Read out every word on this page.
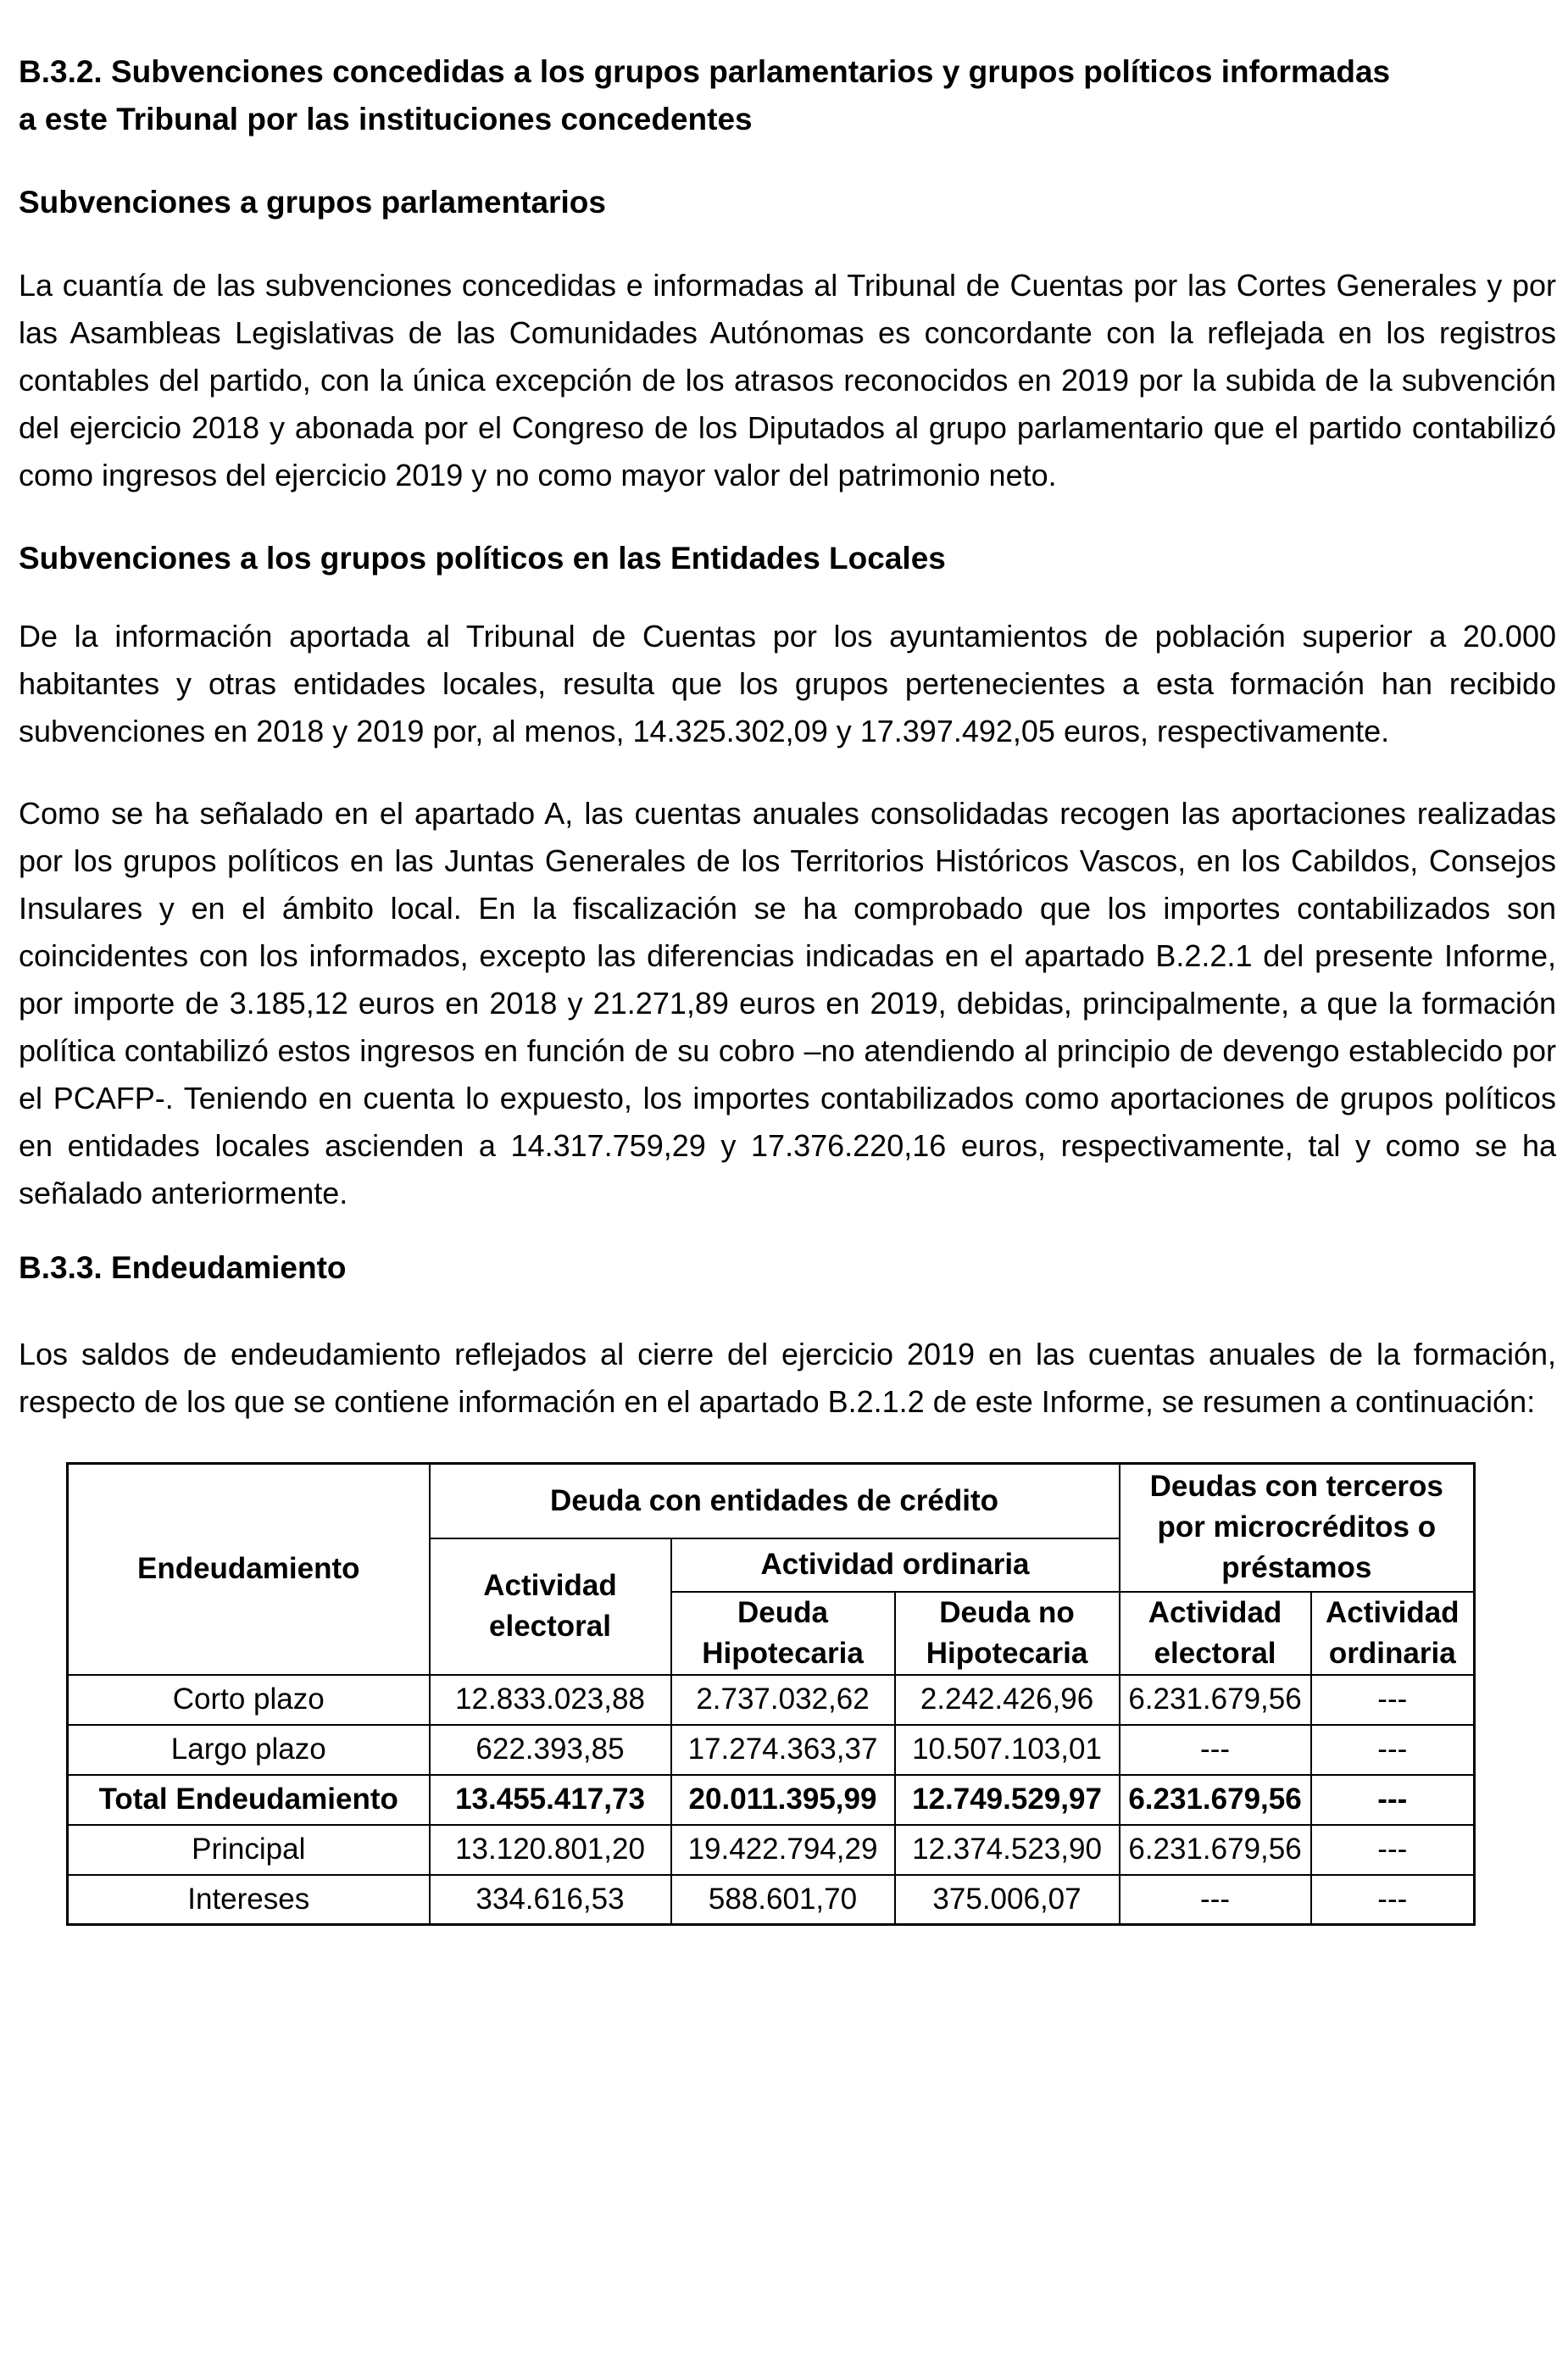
B.3.2. Subvenciones concedidas a los grupos parlamentarios y grupos políticos informadas
a este Tribunal por las instituciones concedentes
Subvenciones a grupos parlamentarios
La cuantía de las subvenciones concedidas e informadas al Tribunal de Cuentas por las Cortes Generales y por las Asambleas Legislativas de las Comunidades Autónomas es concordante con la reflejada en los registros contables del partido, con la única excepción de los atrasos reconocidos en 2019 por la subida de la subvención del ejercicio 2018 y abonada por el Congreso de los Diputados al grupo parlamentario que el partido contabilizó como ingresos del ejercicio 2019 y no como mayor valor del patrimonio neto.
Subvenciones a los grupos políticos en las Entidades Locales
De la información aportada al Tribunal de Cuentas por los ayuntamientos de población superior a 20.000 habitantes y otras entidades locales, resulta que los grupos pertenecientes a esta formación han recibido subvenciones en 2018 y 2019 por, al menos, 14.325.302,09 y 17.397.492,05 euros, respectivamente.
Como se ha señalado en el apartado A, las cuentas anuales consolidadas recogen las aportaciones realizadas por los grupos políticos en las Juntas Generales de los Territorios Históricos Vascos, en los Cabildos, Consejos Insulares y en el ámbito local. En la fiscalización se ha comprobado que los importes contabilizados son coincidentes con los informados, excepto las diferencias indicadas en el apartado B.2.2.1 del presente Informe, por importe de 3.185,12 euros en 2018 y 21.271,89 euros en 2019, debidas, principalmente, a que la formación política contabilizó estos ingresos en función de su cobro –no atendiendo al principio de devengo establecido por el PCAFP-. Teniendo en cuenta lo expuesto, los importes contabilizados como aportaciones de grupos políticos en entidades locales ascienden a 14.317.759,29 y 17.376.220,16 euros, respectivamente, tal y como se ha señalado anteriormente.
B.3.3. Endeudamiento
Los saldos de endeudamiento reflejados al cierre del ejercicio 2019 en las cuentas anuales de la formación, respecto de los que se contiene información en el apartado B.2.1.2 de este Informe, se resumen a continuación:
Endeudamiento	Deuda con entidades de crédito			Deudas con terceros por microcréditos o préstamos	
	Actividad electoral	Actividad ordinaria			
		Deuda Hipotecaria	Deuda no Hipotecaria	Actividad electoral	Actividad ordinaria
Corto plazo	12.833.023,88	2.737.032,62	2.242.426,96	6.231.679,56	---
Largo plazo	622.393,85	17.274.363,37	10.507.103,01	---	---
Total Endeudamiento	13.455.417,73	20.011.395,99	12.749.529,97	6.231.679,56	---
Principal	13.120.801,20	19.422.794,29	12.374.523,90	6.231.679,56	---
Intereses	334.616,53	588.601,70	375.006,07	---	---
